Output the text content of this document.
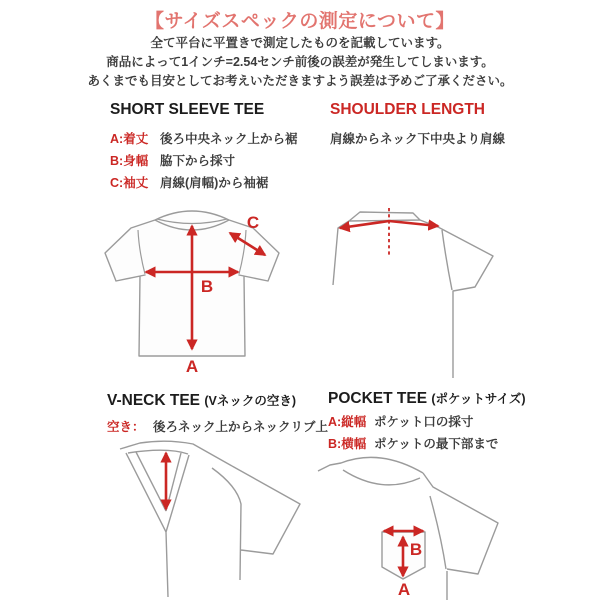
【サイズスペックの測定について】
全て平台に平置きで測定したものを記載しています。
商品によって1インチ=2.54センチ前後の誤差が発生してしまいます。
あくまでも目安としてお考えいただきますよう誤差は予めご了承ください。
SHORT SLEEVE TEE
A:着丈 後ろ中央ネック上から裾
B:身幅 脇下から採寸
C:袖丈 肩線(肩幅)から袖裾
SHOULDER LENGTH
肩線からネック下中央より肩線
A
B
C
V-NECK TEE (Vネックの空き)
空き： 後ろネック上からネックリブ上
POCKET TEE (ポケットサイズ)
A:縦幅 ポケット口の採寸
B:横幅 ポケットの最下部まで
B
A
